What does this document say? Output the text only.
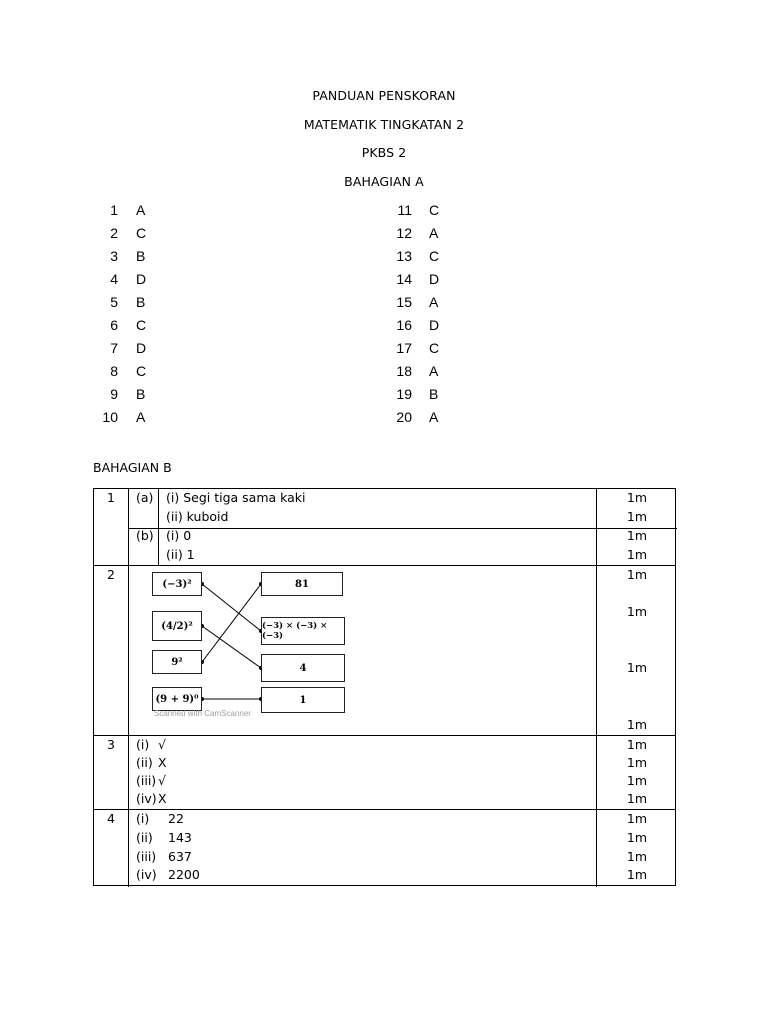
PANDUAN PENSKORAN
MATEMATIK TINGKATAN 2
PKBS 2
BAHAGIAN A
1 A
2 C
3 B
4 D
5 B
6 C
7 D
8 C
9 B
10 A
11 C
12 A
13 C
14 D
15 A
16 D
17 C
18 A
19 B
20 A
BAHAGIAN B
1 (a) (i) Segi tiga sama kaki
(ii) kuboid
(b) (i) 0
(ii) 1
1m
1m
1m
1m
2	1m
1m
1m
1m
(−3)²
(4/2)²
9²
(9 + 9)⁰
81
(−3) × (−3) × (−3)
4
1
Scanned with CamScanner
3 (i) √
(ii) X
(iii) √
(iv) X
1m
1m
1m
1m
4 (i) 22
(ii) 143
(iii) 637
(iv) 2200
1m
1m
1m
1m
